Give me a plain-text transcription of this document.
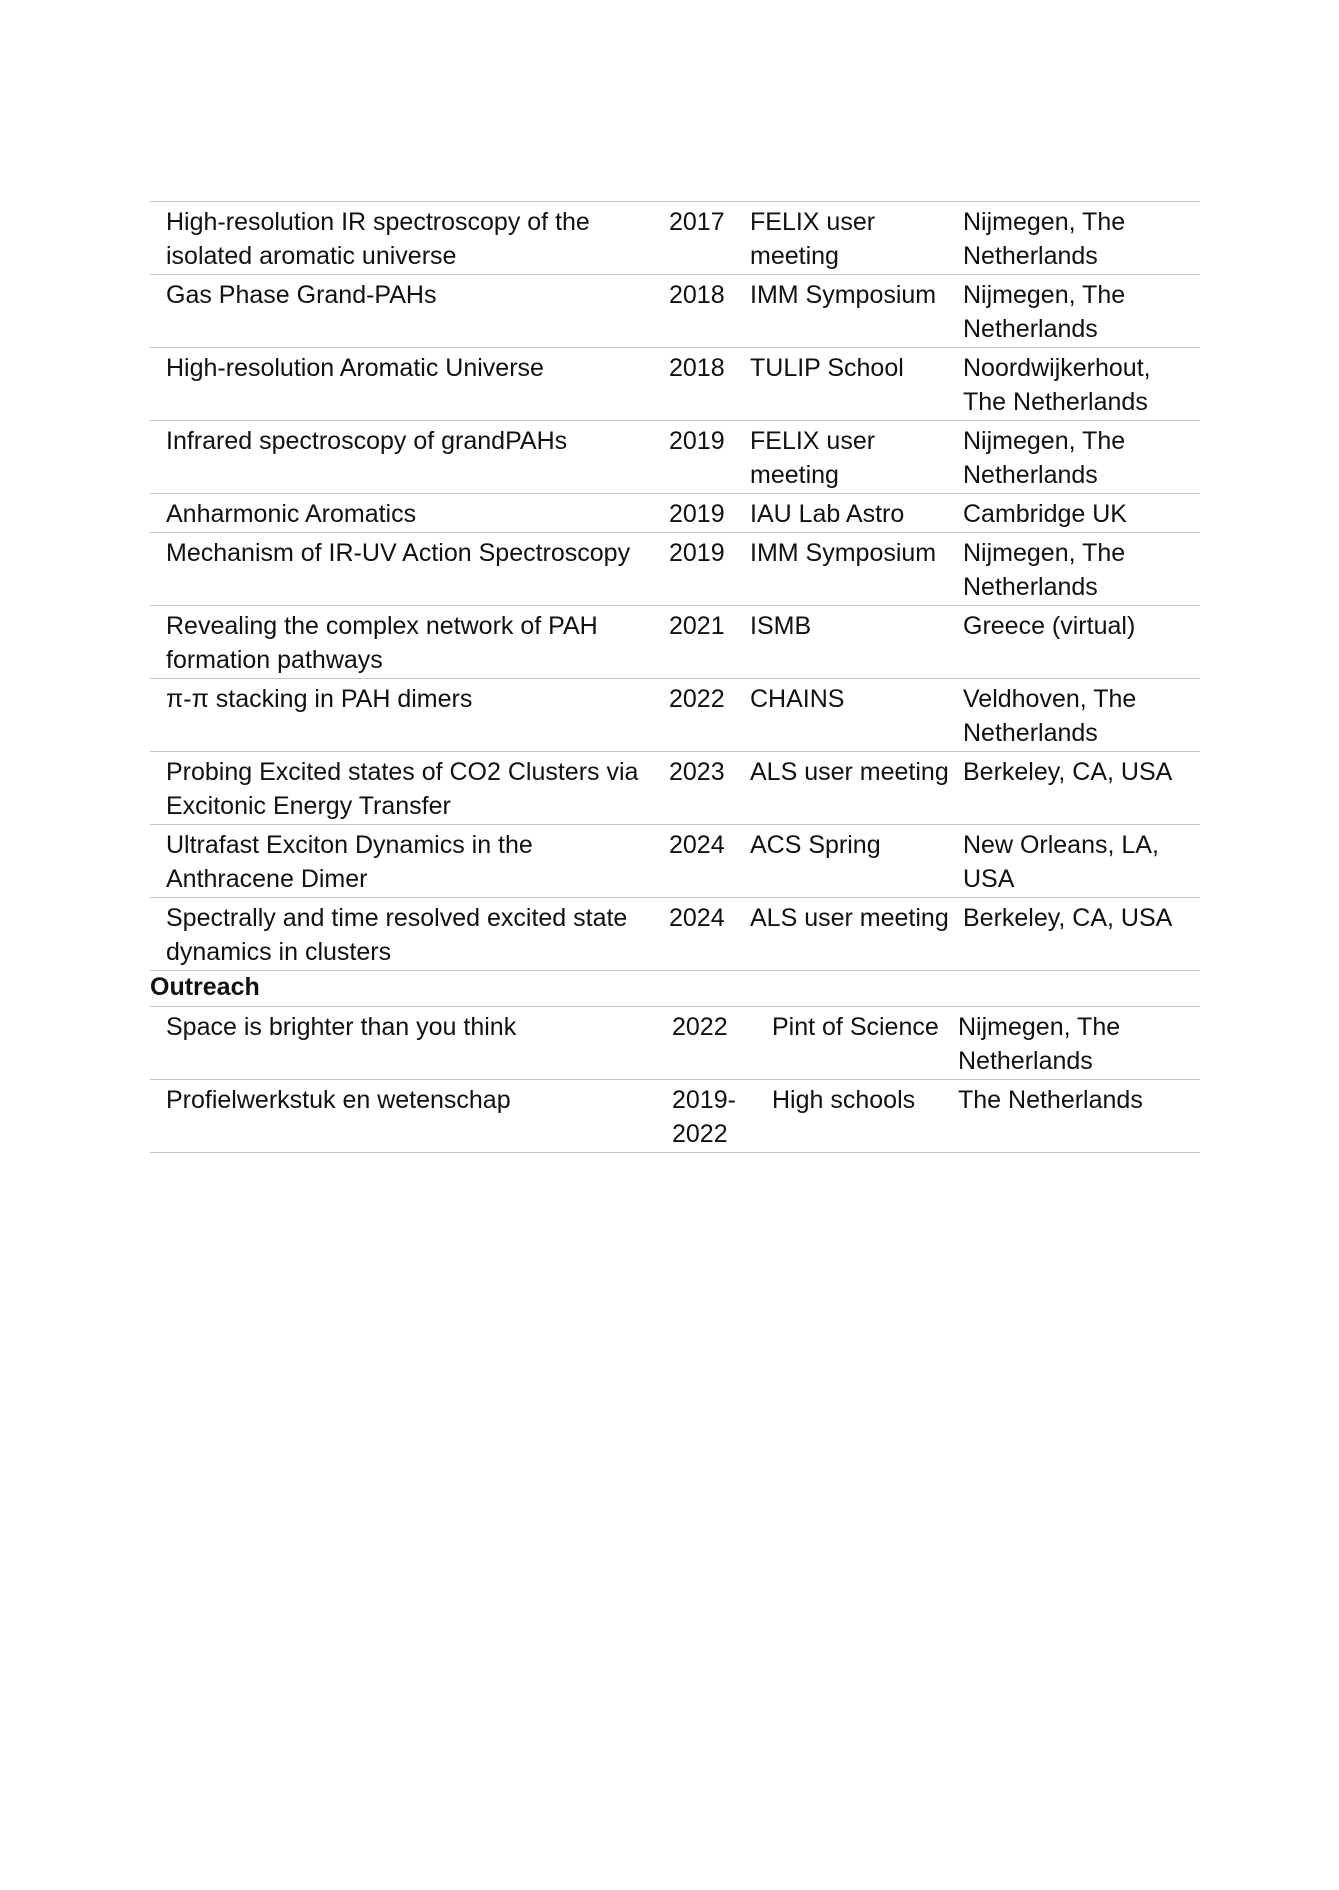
High-resolution IR spectroscopy of the isolated aromatic universe	2017	FELIX user meeting	Nijmegen, The Netherlands
Gas Phase Grand-PAHs	2018	IMM Symposium	Nijmegen, The Netherlands
High-resolution Aromatic Universe	2018	TULIP School	Noordwijkerhout, The Netherlands
Infrared spectroscopy of grandPAHs	2019	FELIX user meeting	Nijmegen, The Netherlands
Anharmonic Aromatics	2019	IAU Lab Astro	Cambridge UK
Mechanism of IR-UV Action Spectroscopy	2019	IMM Symposium	Nijmegen, The Netherlands
Revealing the complex network of PAH formation pathways	2021	ISMB	Greece (virtual)
π-π stacking in PAH dimers	2022	CHAINS	Veldhoven, The Netherlands
Probing Excited states of CO2 Clusters via Excitonic Energy Transfer	2023	ALS user meeting	Berkeley, CA, USA
Ultrafast Exciton Dynamics in the Anthracene Dimer	2024	ACS Spring	New Orleans, LA, USA
Spectrally and time resolved excited state dynamics in clusters	2024	ALS user meeting	Berkeley, CA, USA
Outreach
Space is brighter than you think	2022	Pint of Science	Nijmegen, The Netherlands
Profielwerkstuk en wetenschap	2019-2022	High schools	The Netherlands
